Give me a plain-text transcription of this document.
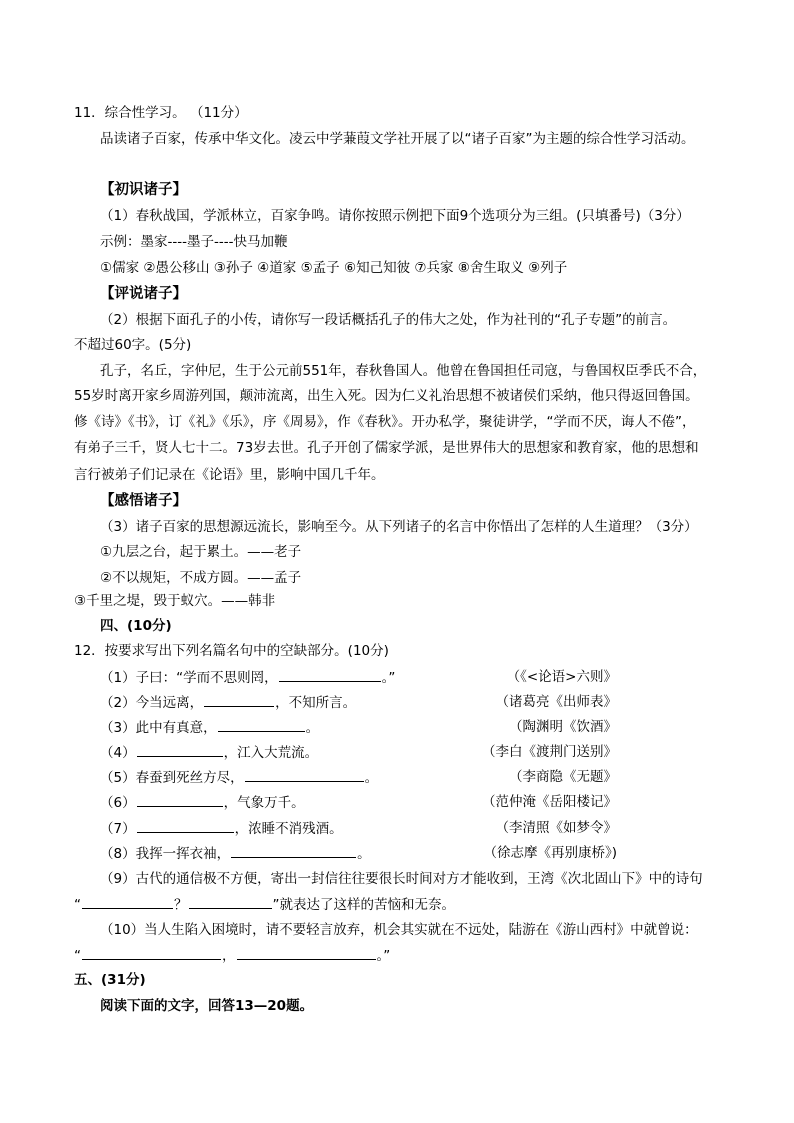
11．综合性学习。 （11分）
品读诸子百家，传承中华文化。凌云中学蒹葭文学社开展了以“诸子百家”为主题的综合性学习活动。
【初识诸子】
（1）春秋战国，学派林立，百家争鸣。请你按照示例把下面9个选项分为三组。(只填番号)（3分）
示例：墨家----墨子----快马加鞭
①儒家 ②愚公移山 ③孙子 ④道家 ⑤孟子 ⑥知己知彼 ⑦兵家 ⑧舍生取义 ⑨列子
【评说诸子】
（2）根据下面孔子的小传，请你写一段话概括孔子的伟大之处，作为社刊的“孔子专题”的前言。
不超过60字。(5分)
孔子，名丘，字仲尼，生于公元前551年，春秋鲁国人。他曾在鲁国担任司寇，与鲁国权臣季氏不合，
55岁时离开家乡周游列国，颠沛流离，出生入死。因为仁义礼治思想不被诸侯们采纳，他只得返回鲁国。
修《诗》《书》，订《礼》《乐》，序《周易》，作《春秋》。开办私学，聚徒讲学，“学而不厌，诲人不倦”，
有弟子三千，贤人七十二。73岁去世。孔子开创了儒家学派，是世界伟大的思想家和教育家，他的思想和
言行被弟子们记录在《论语》里，影响中国几千年。
【感悟诸子】
（3）诸子百家的思想源远流长，影响至今。从下列诸子的名言中你悟出了怎样的人生道理？（3分）
①九层之台，起于累土。——老子
②不以规矩，不成方圆。——孟子
③千里之堤，毁于蚁穴。——韩非
四、(10分)
12．按要求写出下列名篇名句中的空缺部分。(10分)
（1）子曰：“学而不思则罔，	。”	（《<论语>六则》
（2）今当远离，	，不知所言。	（诸葛亮《出师表》
（3）此中有真意，	。	（陶渊明《饮酒》
（4）	，江入大荒流。	（李白《渡荆门送别》
（5）春蚕到死丝方尽，	。	（李商隐《无题》
（6）	，气象万千。	（范仲淹《岳阳楼记》
（7）	，浓睡不消残酒。	（李清照《如梦令》
（8）我挥一挥衣袖，	。	（徐志摩《再别康桥》)
（9）古代的通信极不方便，寄出一封信往往要很长时间对方才能收到，王湾《次北固山下》中的诗句
“	？	”就表达了这样的苦恼和无奈。
（10）当人生陷入困境时，请不要轻言放弃，机会其实就在不远处，陆游在《游山西村》中就曾说：
“	，	。”
五、(31分)
阅读下面的文字，回答13—20题。
